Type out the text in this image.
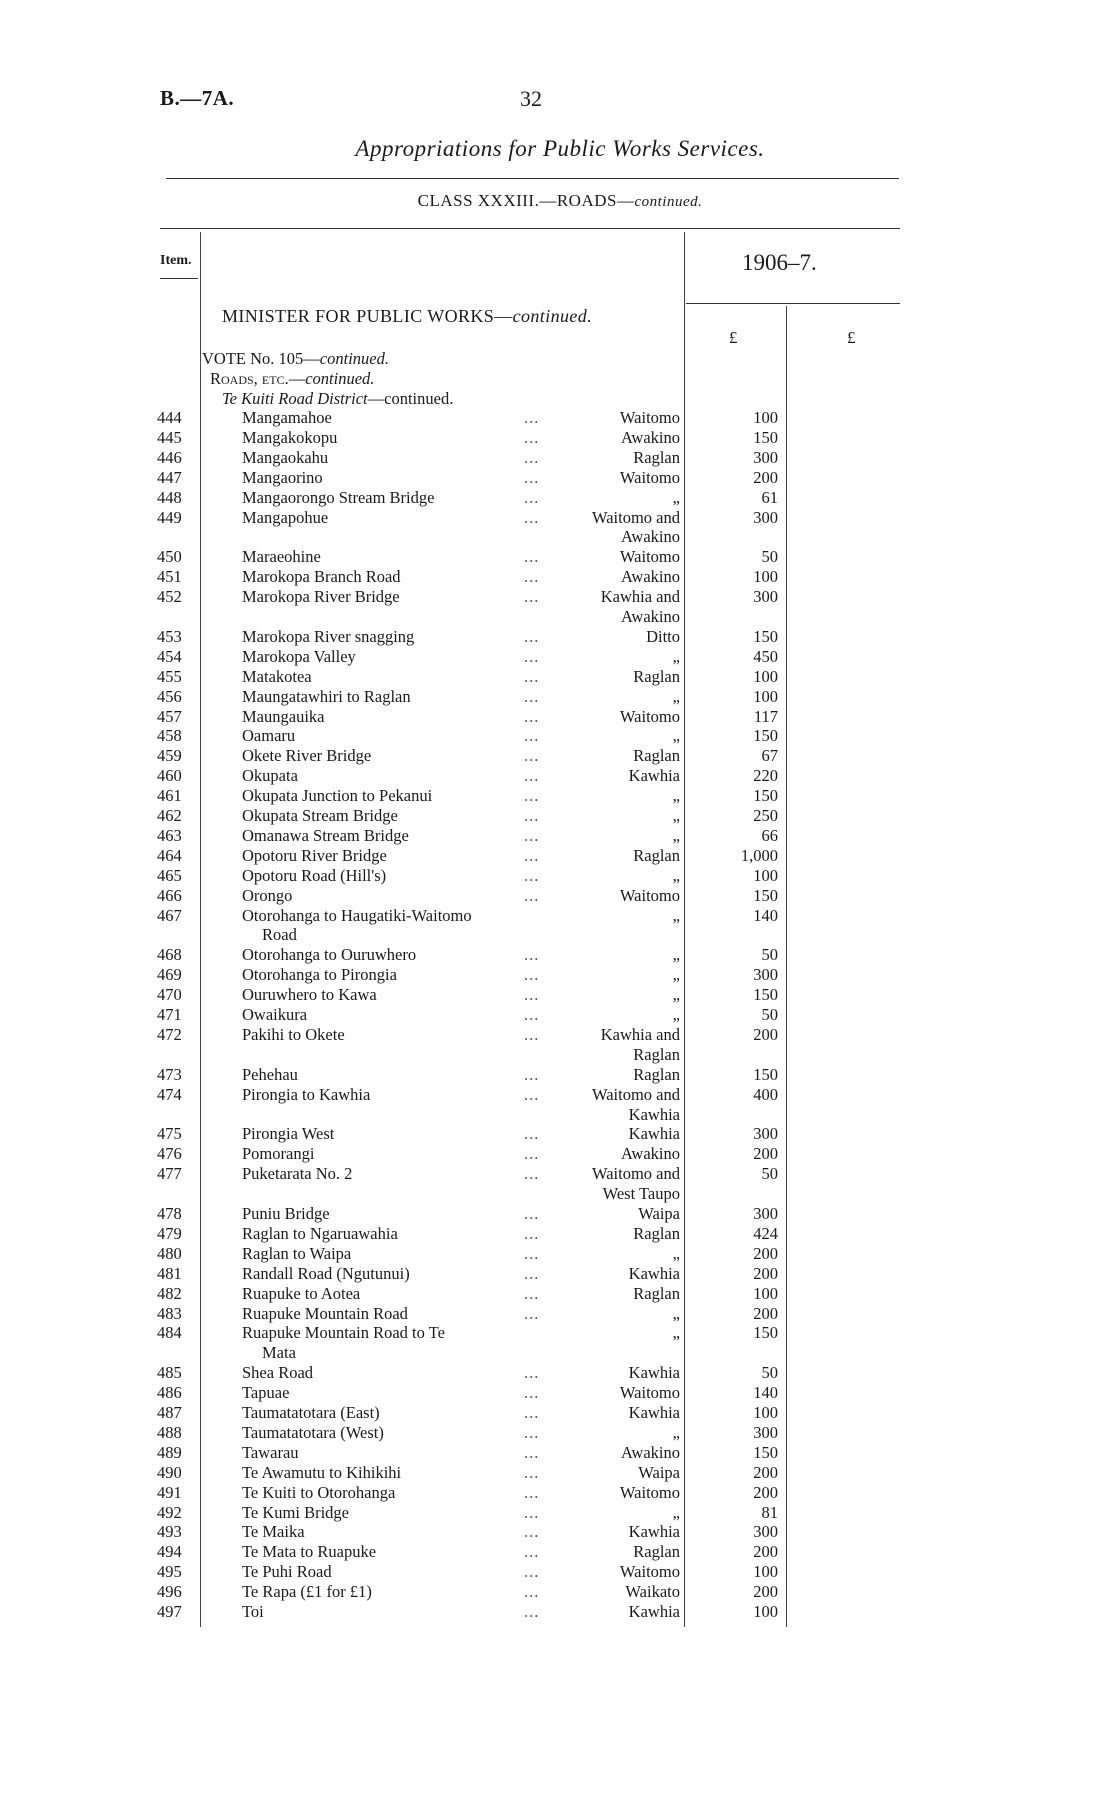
B.—7A.	32
Appropriations for Public Works Services.
CLASS XXXIII.—ROADS—continued.
Item.	1906–7.
£	£
MINISTER FOR PUBLIC WORKS—continued.
VOTE No. 105—continued.
Roads, etc.—continued.
Te Kuiti Road District—continued.
444	Mangamahoe	Waitomo	100
...
445	Mangakokopu	Awakino	150
...
446	Mangaokahu	Raglan	300
...
447	Mangaorino	Waitomo	200
...
448	Mangaorongo Stream Bridge	„	61
...
449	Mangapohue	Waitomo and	300
...
Awakino
450	Maraeohine	Waitomo	50
...
451	Marokopa Branch Road	Awakino	100
...
452	Marokopa River Bridge	Kawhia and	300
...
Awakino
453	Marokopa River snagging	Ditto	150
...
454	Marokopa Valley	„	450
...
455	Matakotea	Raglan	100
...
456	Maungatawhiri to Raglan	„	100
...
457	Maungauika	Waitomo	117
...
458	Oamaru	„	150
...
459	Okete River Bridge	Raglan	67
...
460	Okupata	Kawhia	220
...
461	Okupata Junction to Pekanui	„	150
...
462	Okupata Stream Bridge	„	250
...
463	Omanawa Stream Bridge	„	66
...
464	Opotoru River Bridge	Raglan	1,000
...
465	Opotoru Road (Hill's)	„	100
...
466	Orongo	Waitomo	150
...
467	Otorohanga to Haugatiki-Waitomo	„	140
Road
468	Otorohanga to Ouruwhero	„	50
...
469	Otorohanga to Pirongia	„	300
...
470	Ouruwhero to Kawa	„	150
...
471	Owaikura	„	50
...
472	Pakihi to Okete	Kawhia and	200
...
Raglan
473	Pehehau	Raglan	150
...
474	Pirongia to Kawhia	Waitomo and	400
...
Kawhia
475	Pirongia West	Kawhia	300
...
476	Pomorangi	Awakino	200
...
477	Puketarata No. 2	Waitomo and	50
...
West Taupo
478	Puniu Bridge	Waipa	300
...
479	Raglan to Ngaruawahia	Raglan	424
...
480	Raglan to Waipa	„	200
...
481	Randall Road (Ngutunui)	Kawhia	200
...
482	Ruapuke to Aotea	Raglan	100
...
483	Ruapuke Mountain Road	„	200
...
484	Ruapuke Mountain Road to Te	„	150
Mata
485	Shea Road	Kawhia	50
...
486	Tapuae	Waitomo	140
...
487	Taumatatotara (East)	Kawhia	100
...
488	Taumatatotara (West)	„	300
...
489	Tawarau	Awakino	150
...
490	Te Awamutu to Kihikihi	Waipa	200
...
491	Te Kuiti to Otorohanga	Waitomo	200
...
492	Te Kumi Bridge	„	81
...
493	Te Maika	Kawhia	300
...
494	Te Mata to Ruapuke	Raglan	200
...
495	Te Puhi Road	Waitomo	100
...
496	Te Rapa (£1 for £1)	Waikato	200
...
497	Toi	Kawhia	100
...
